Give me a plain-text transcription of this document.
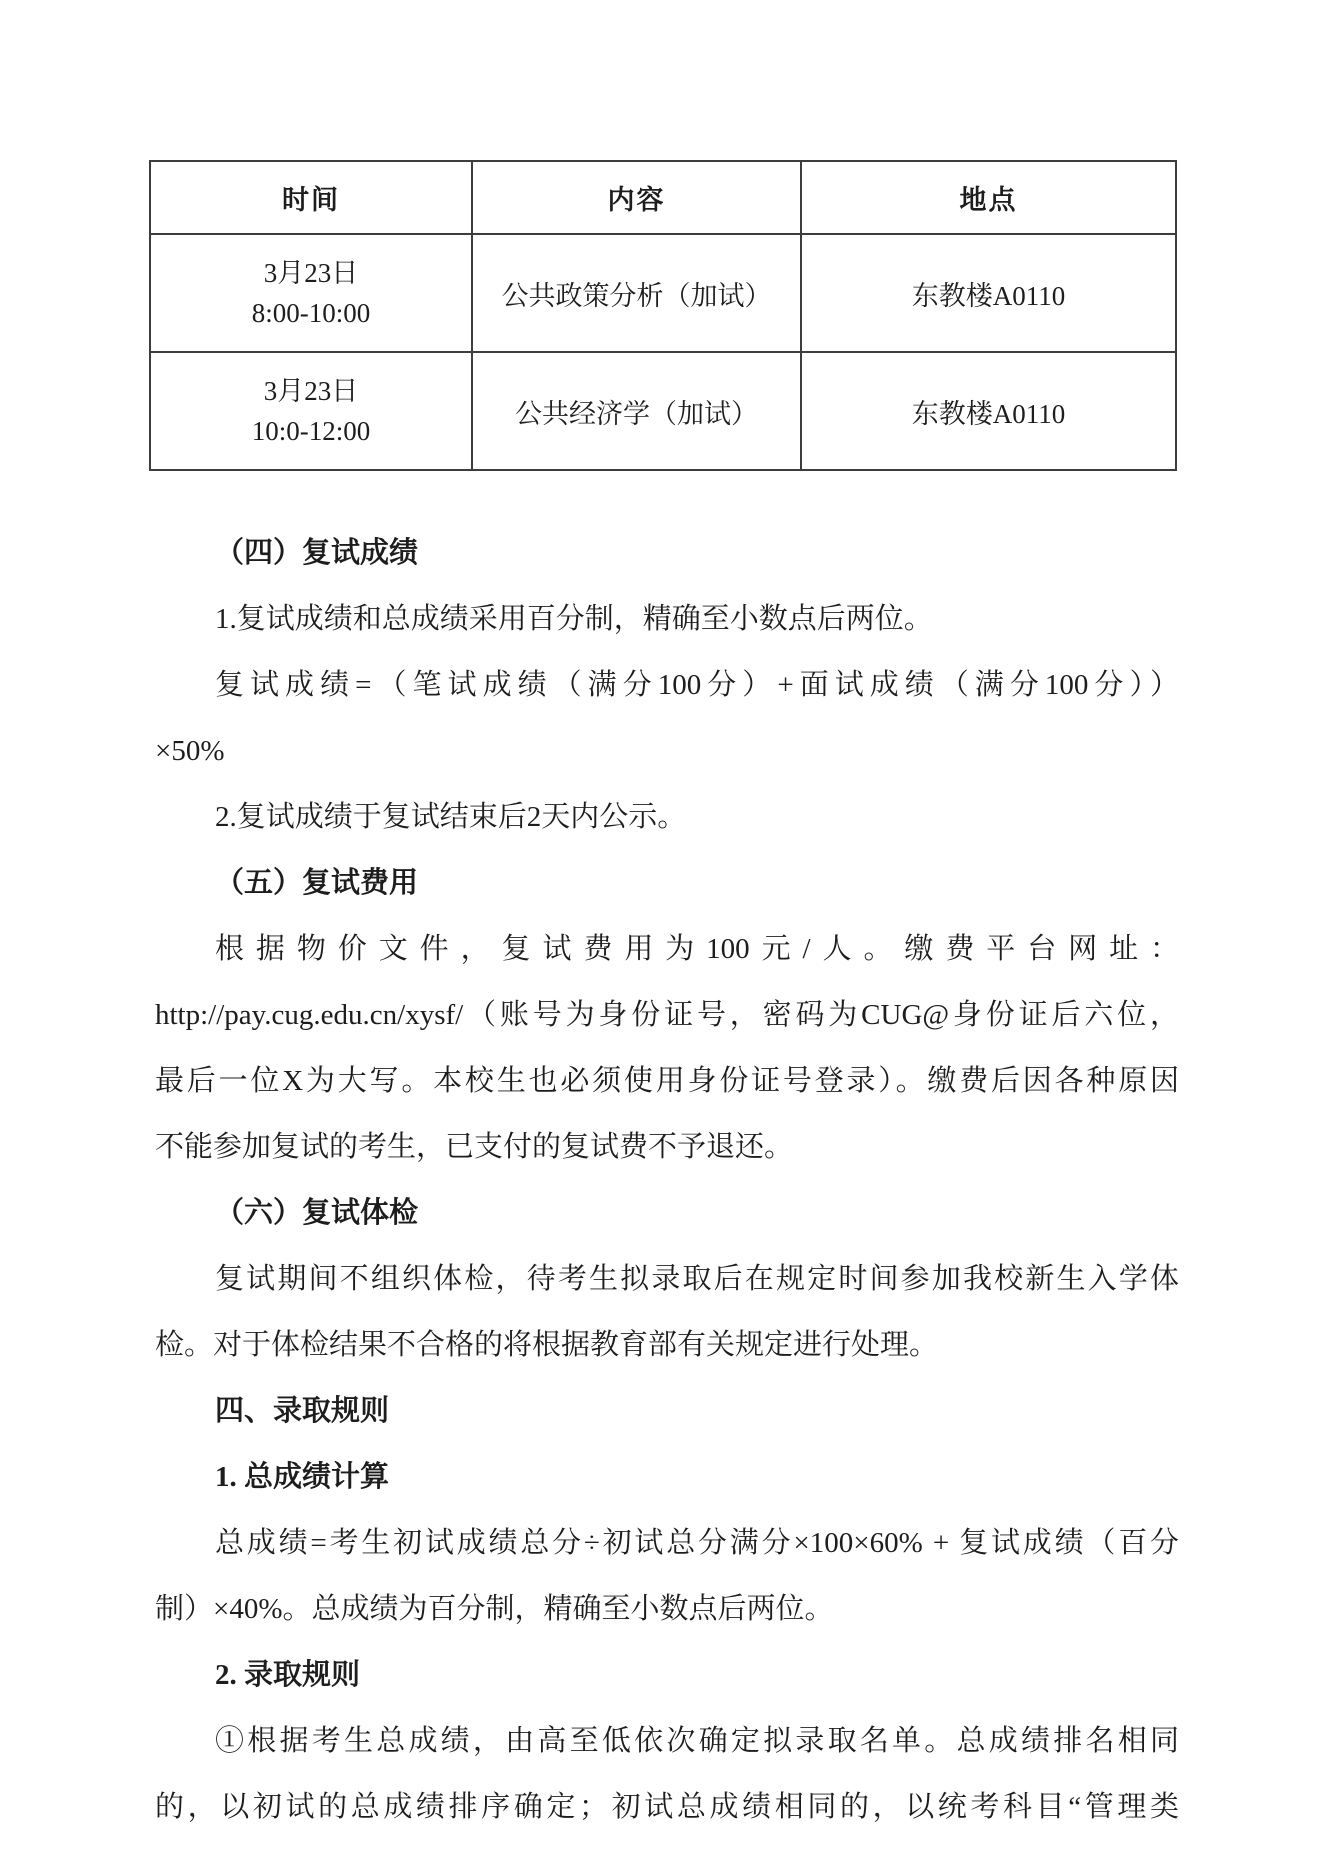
时间	内容	地点

3月23日
8:00-10:00	公共政策分析（加试）	东教楼A0110

3月23日
10:0-12:00	公共经济学（加试）	东教楼A0110
（四）复试成绩
1.复试成绩和总成绩采用百分制，精确至小数点后两位。
复试成绩=（笔试成绩（满分100分）+面试成绩（满分100分））
×50%
2.复试成绩于复试结束后2天内公示。
（五）复试费用
根据物价文件，复试费用为100元/人。缴费平台网址：
http://pay.cug.edu.cn/xysf/（账号为身份证号，密码为CUG@身份证后六位，
最后一位X为大写。本校生也必须使用身份证号登录）。缴费后因各种原因
不能参加复试的考生，已支付的复试费不予退还。
（六）复试体检
复试期间不组织体检，待考生拟录取后在规定时间参加我校新生入学体
检。对于体检结果不合格的将根据教育部有关规定进行处理。
四、录取规则
1. 总成绩计算
总成绩=考生初试成绩总分÷初试总分满分×100×60% + 复试成绩（百分
制）×40%。总成绩为百分制，精确至小数点后两位。
2. 录取规则
①根据考生总成绩，由高至低依次确定拟录取名单。总成绩排名相同
的，以初试的总成绩排序确定；初试总成绩相同的，以统考科目“管理类
